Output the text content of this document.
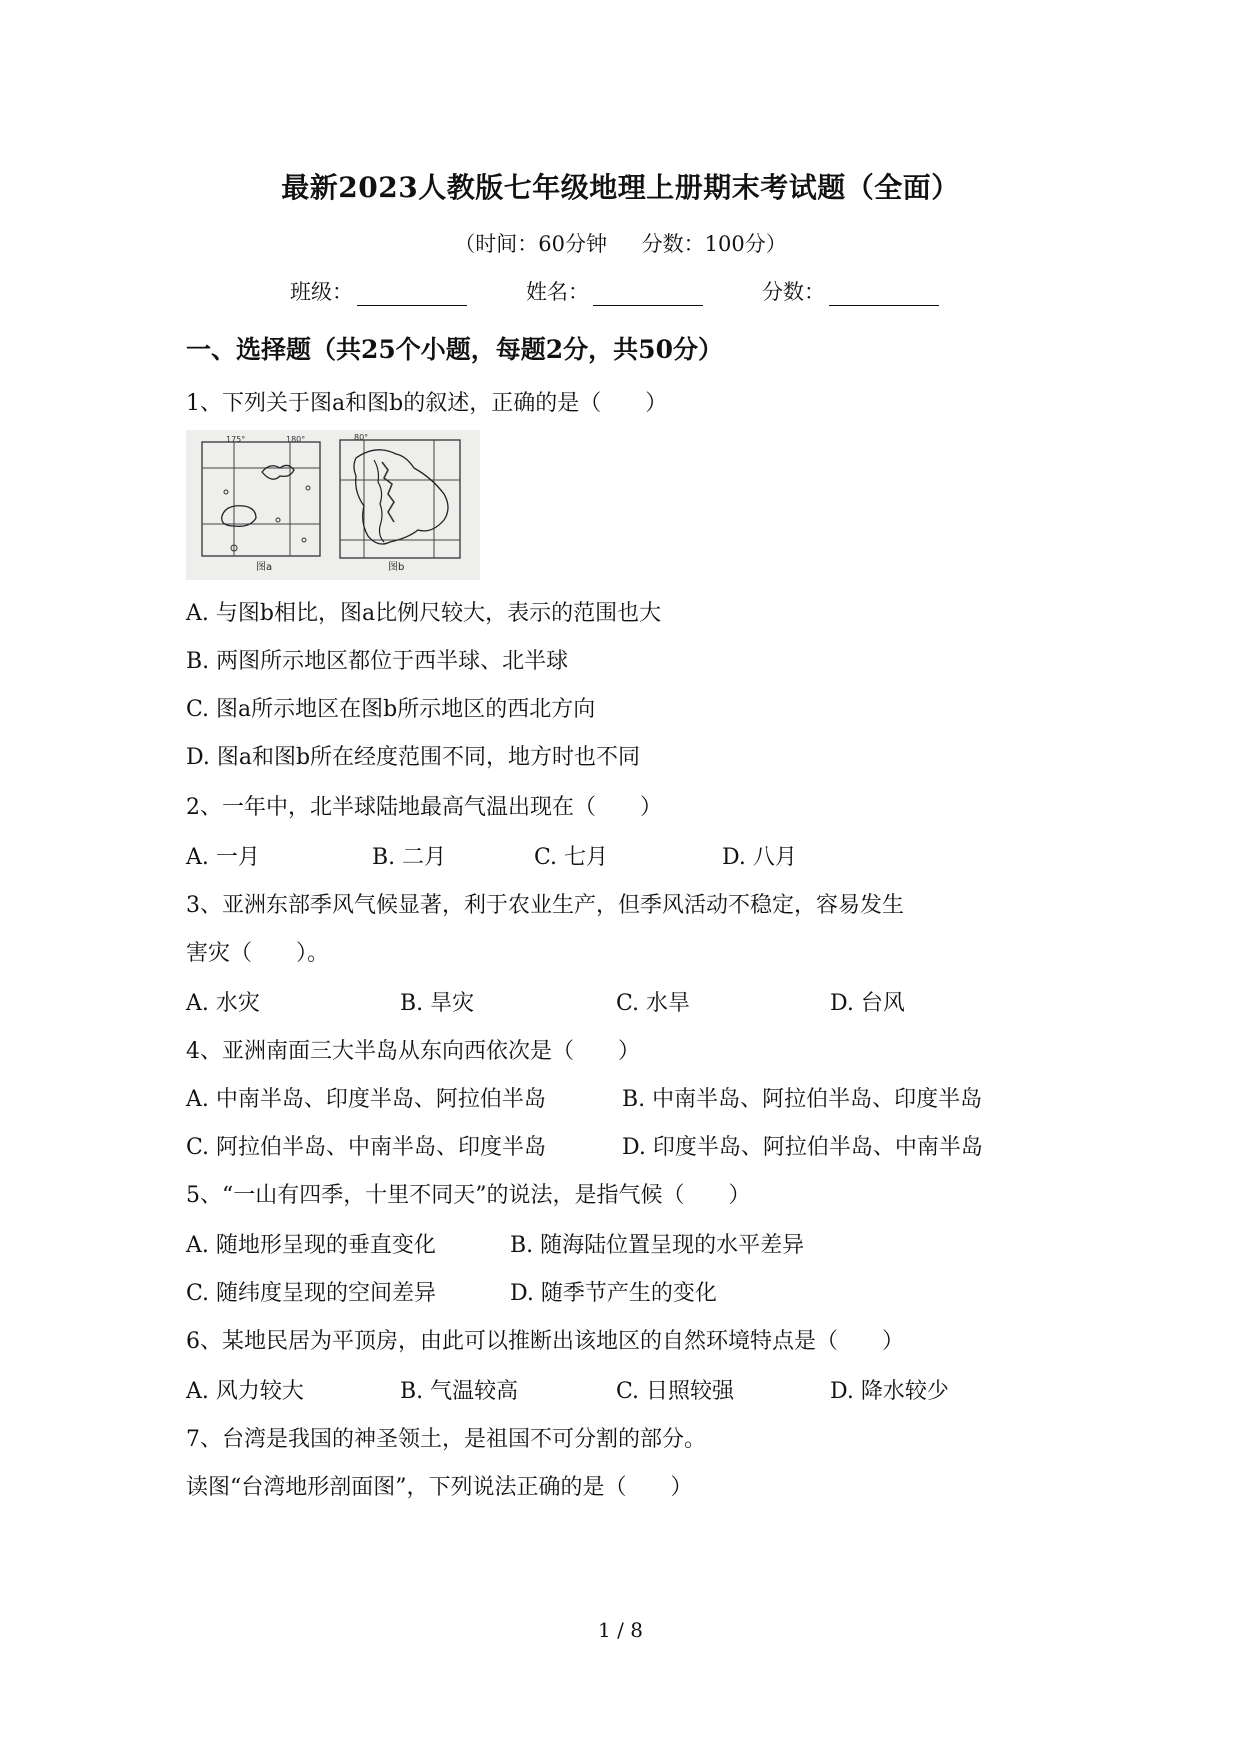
最新2023人教版七年级地理上册期末考试题（全面）
（时间：60分钟 分数：100分）
班级：	姓名：	分数：
一、选择题（共25个小题，每题2分，共50分）
1、下列关于图a和图b的叙述，正确的是（　　）
175°	180°
图a
80°
图b
A. 与图b相比，图a比例尺较大，表示的范围也大
B. 两图所示地区都位于西半球、北半球
C. 图a所示地区在图b所示地区的西北方向
D. 图a和图b所在经度范围不同，地方时也不同
2、一年中，北半球陆地最高气温出现在（　　）
A. 一月	B. 二月	C. 七月	D. 八月
3、亚洲东部季风气候显著，利于农业生产，但季风活动不稳定，容易发生
害灾（　　）。
A. 水灾	B. 旱灾	C. 水旱	D. 台风
4、亚洲南面三大半岛从东向西依次是（　　）
A. 中南半岛、印度半岛、阿拉伯半岛	B. 中南半岛、阿拉伯半岛、印度半岛
C. 阿拉伯半岛、中南半岛、印度半岛	D. 印度半岛、阿拉伯半岛、中南半岛
5、“一山有四季，十里不同天”的说法，是指气候（　　）
A. 随地形呈现的垂直变化	B. 随海陆位置呈现的水平差异
C. 随纬度呈现的空间差异	D. 随季节产生的变化
6、某地民居为平顶房，由此可以推断出该地区的自然环境特点是（　　）
A. 风力较大	B. 气温较高	C. 日照较强	D. 降水较少
7、台湾是我国的神圣领土，是祖国不可分割的部分。
读图“台湾地形剖面图”，下列说法正确的是（　　）
1 / 8
